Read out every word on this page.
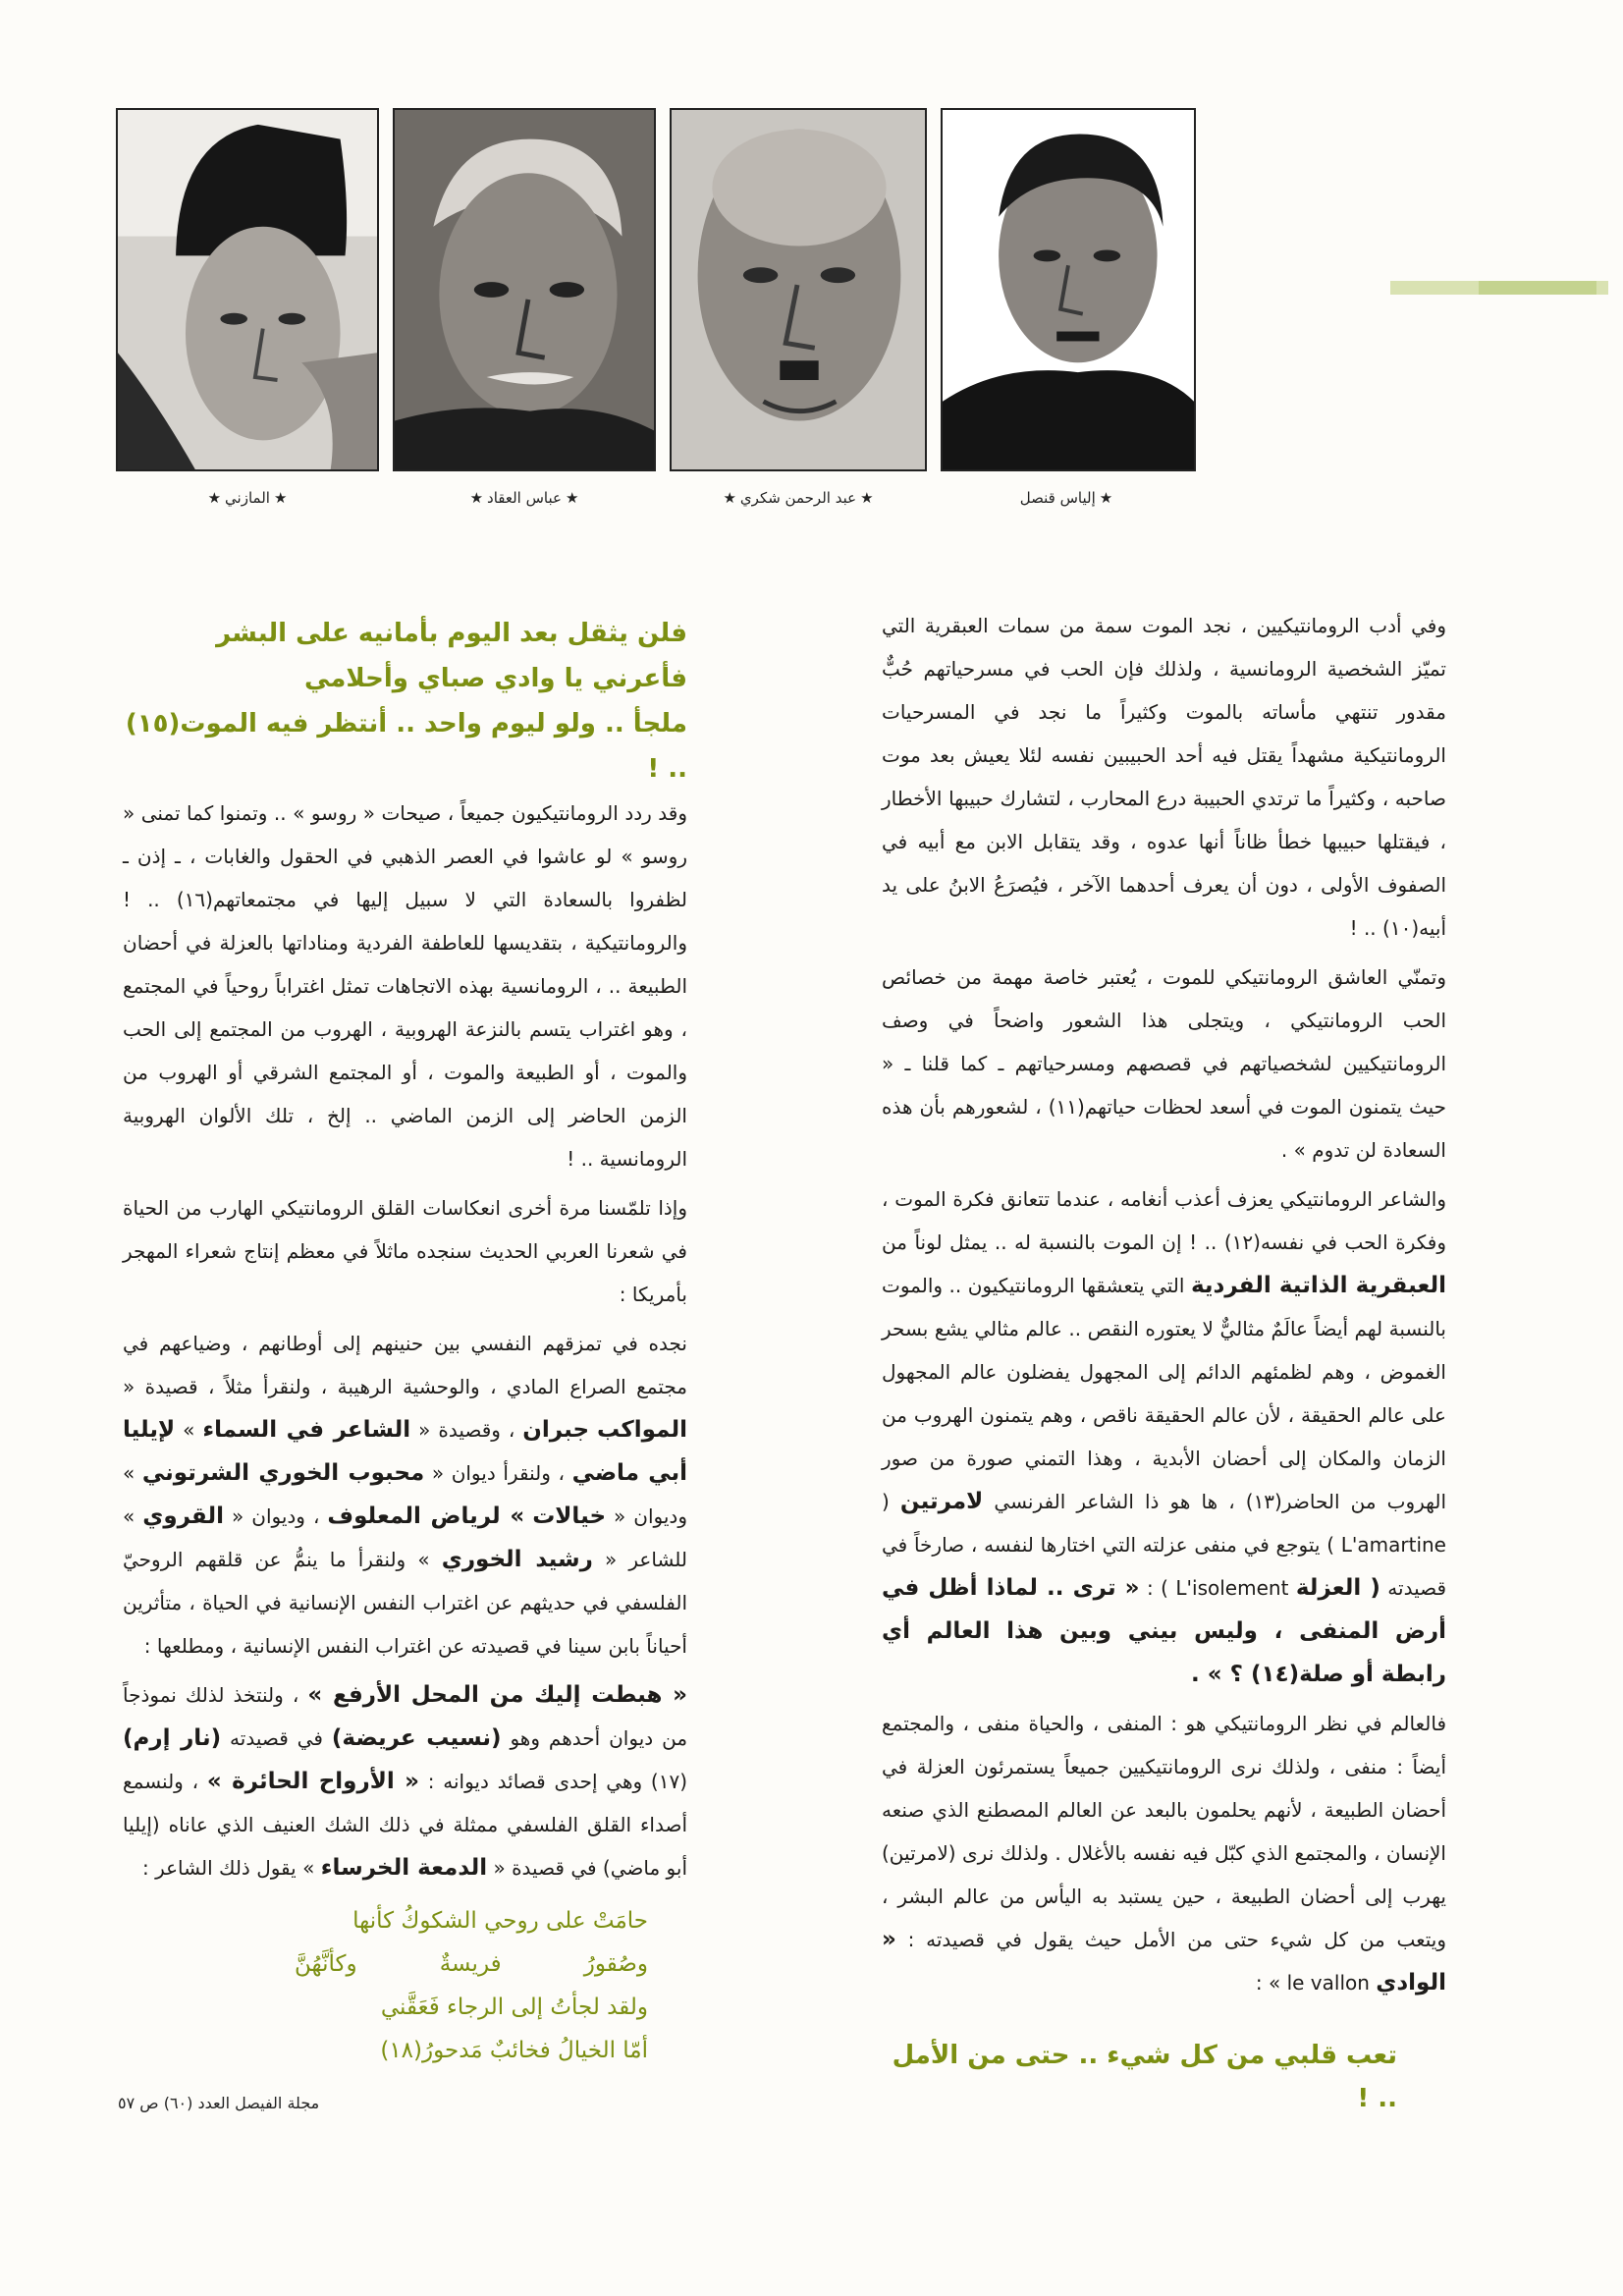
★إلياس قنصل
★عبد الرحمن شكري★
★عباس العقاد★
★المازني★

وفي أدب الرومانتيكيين ، نجد الموت سمة من سمات العبقرية التي تميّز الشخصية الرومانسية ، ولذلك فإن الحب في مسرحياتهم حُبٌّ مقدور تنتهي مأساته بالموت وكثيراً ما نجد في المسرحيات الرومانتيكية مشهداً يقتل فيه أحد الحبيبين نفسه لئلا يعيش بعد موت صاحبه ، وكثيراً ما ترتدي الحبيبة درع المحارب ، لتشارك حبيبها الأخطار ، فيقتلها حبيبها خطأ ظاناً أنها عدوه ، وقد يتقابل الابن مع أبيه في الصفوف الأولى ، دون أن يعرف أحدهما الآخر ، فيُصرَعُ الابنُ على يد أبيه(١٠) .. !

وتمنّي العاشق الرومانتيكي للموت ، يُعتبر خاصة مهمة من خصائص الحب الرومانتيكي ، ويتجلى هذا الشعور واضحاً في وصف الرومانتيكيين لشخصياتهم في قصصهم ومسرحياتهم ـ كما قلنا ـ « حيث يتمنون الموت في أسعد لحظات حياتهم(١١) ، لشعورهم بأن هذه السعادة لن تدوم » .

والشاعر الرومانتيكي يعزف أعذب أنغامه ، عندما تتعانق فكرة الموت ، وفكرة الحب في نفسه(١٢) .. ! إن الموت بالنسبة له .. يمثل لوناً من العبقرية الذاتية الفردية التي يتعشقها الرومانتيكيون .. والموت بالنسبة لهم أيضاً عالَمٌ مثاليٌّ لا يعتوره النقص .. عالم مثالي يشع بسحر الغموض ، وهم لظمئهم الدائم إلى المجهول يفضلون عالم المجهول على عالم الحقيقة ، لأن عالم الحقيقة ناقص ، وهم يتمنون الهروب من الزمان والمكان إلى أحضان الأبدية ، وهذا التمني صورة من صور الهروب من الحاضر(١٣) ، ها هو ذا الشاعر الفرنسي لامرتين ( L'amartine ) يتوجع في منفى عزلته التي اختارها لنفسه ، صارخاً في قصيدته ( العزلة L'isolement ) : « ترى .. لماذا أظل في أرض المنفى ، وليس بيني وبين هذا العالم أي رابطة أو صلة(١٤) ؟ » .

فالعالم في نظر الرومانتيكي هو : المنفى ، والحياة منفى ، والمجتمع أيضاً : منفى ، ولذلك نرى الرومانتيكيين جميعاً يستمرئون العزلة في أحضان الطبيعة ، لأنهم يحلمون بالبعد عن العالم المصطنع الذي صنعه الإنسان ، والمجتمع الذي كبّل فيه نفسه بالأغلال . ولذلك نرى (لامرتين) يهرب إلى أحضان الطبيعة ، حين يستبد به اليأس من عالم البشر ، ويتعب من كل شيء حتى من الأمل حيث يقول في قصيدته : « الوادي le vallon » :

تعب قلبي من كل شيء .. حتى من الأمل .. !
فلن يثقل بعد اليوم بأمانيه على البشر
فأعرني يا وادي صباي وأحلامي
ملجأ .. ولو ليوم واحد .. أنتظر فيه الموت(١٥) .. !

وقد ردد الرومانتيكيون جميعاً ، صيحات « روسو » .. وتمنوا كما تمنى « روسو » لو عاشوا في العصر الذهبي في الحقول والغابات ، ـ إذن ـ لظفروا بالسعادة التي لا سبيل إليها في مجتمعاتهم(١٦) .. ! والرومانتيكية ، بتقديسها للعاطفة الفردية ومناداتها بالعزلة في أحضان الطبيعة .. ، الرومانسية بهذه الاتجاهات تمثل اغتراباً روحياً في المجتمع ، وهو اغتراب يتسم بالنزعة الهروبية ، الهروب من المجتمع إلى الحب والموت ، أو الطبيعة والموت ، أو المجتمع الشرقي أو الهروب من الزمن الحاضر إلى الزمن الماضي .. إلخ ، تلك الألوان الهروبية الرومانسية .. !

وإذا تلمّسنا مرة أخرى انعكاسات القلق الرومانتيكي الهارب من الحياة في شعرنا العربي الحديث سنجده ماثلاً في معظم إنتاج شعراء المهجر بأمريكا :

نجده في تمزقهم النفسي بين حنينهم إلى أوطانهم ، وضياعهم في مجتمع الصراع المادي ، والوحشية الرهيبة ، ولنقرأ مثلاً ، قصيدة « المواكب جبران ، وقصيدة « الشاعر في السماء » لإيليا أبي ماضي ، ولنقرأ ديوان « محبوب الخوري الشرتوني » وديوان « خيالات » لرياض المعلوف ، وديوان « القروي » للشاعر « رشيد الخوري » ولنقرأ ما ينمُّ عن قلقهم الروحيّ الفلسفي في حديثهم عن اغتراب النفس الإنسانية في الحياة ، متأثرين أحياناً بابن سينا في قصيدته عن اغتراب النفس الإنسانية ، ومطلعها :

« هبطت إليك من المحل الأرفع » ، ولنتخذ لذلك نموذجاً من ديوان أحدهم وهو (نسيب عريضة) في قصيدته (نار إرم) (١٧) وهي إحدى قصائد ديوانه : « الأرواح الحائرة » ، ولنسمع أصداء القلق الفلسفي ممثلة في ذلك الشك العنيف الذي عاناه (إيليا أبو ماضي) في قصيدة « الدمعة الخرساء » يقول ذلك الشاعر :

حامَتْ على روحي الشكوكُ كأنها
وكأنَّهُنَّ	فريسةٌ	وصُقورُ
ولقد لجأتُ إلى الرجاء فَعَقَّني
أمّا الخيالُ فخائبٌ مَدحورُ(١٨)
مجلة الفيصل العدد (٦٠) ص ٥٧
